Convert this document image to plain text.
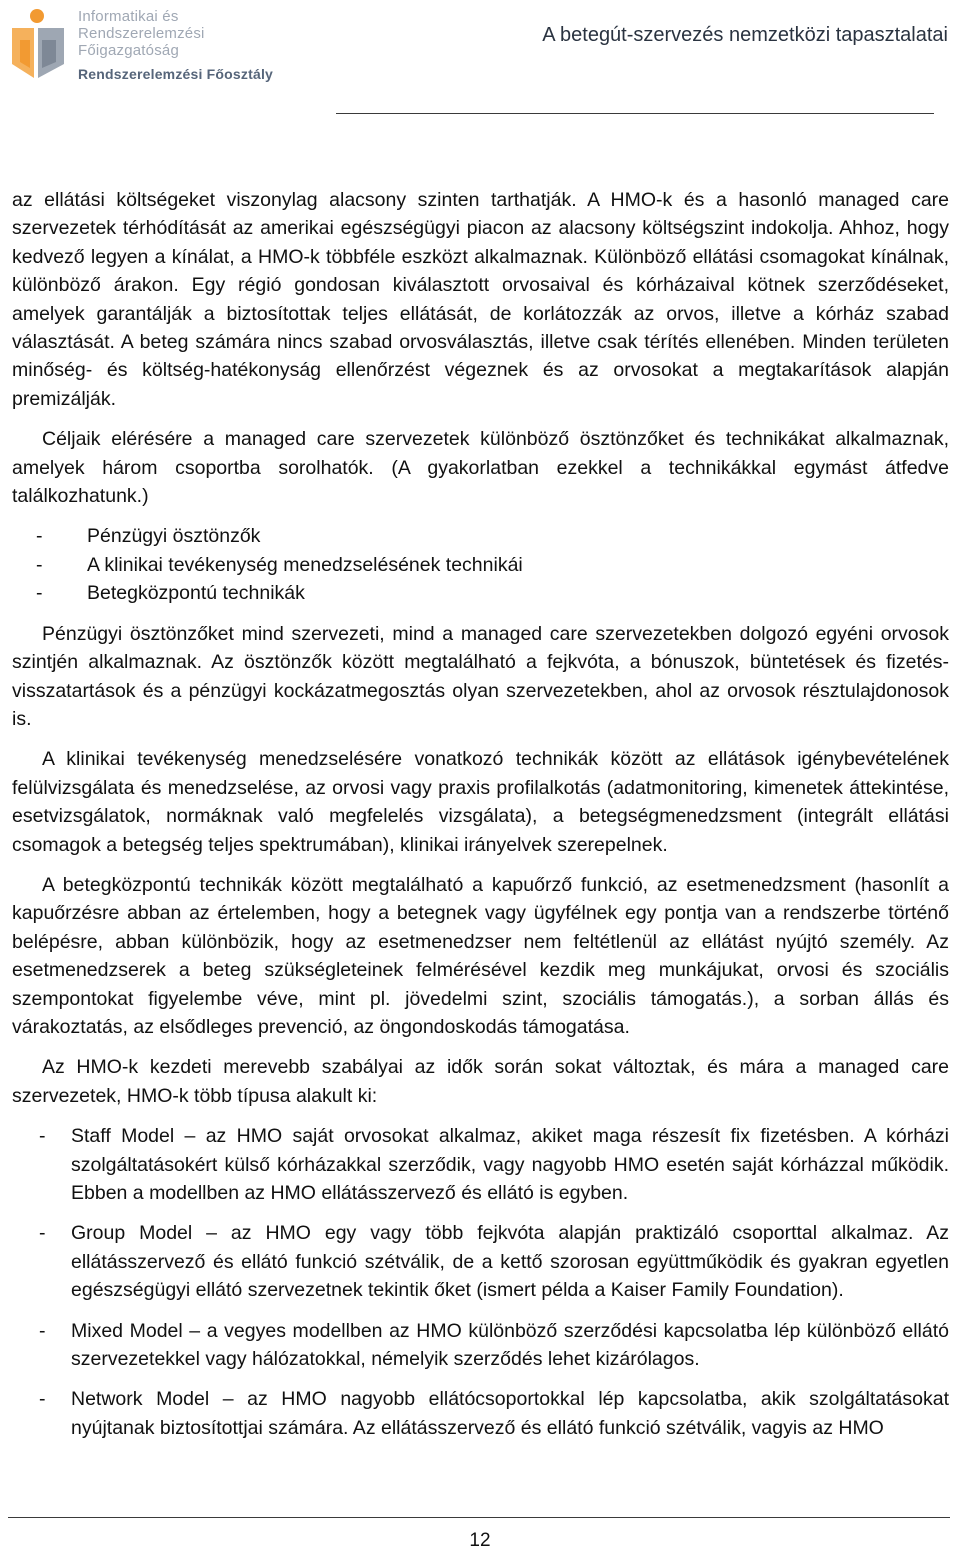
Informatikai és
Rendszerelemzési
Főigazgatóság
Rendszerelemzési Főosztály
A betegút-szervezés nemzetközi tapasztalatai

az ellátási költségeket viszonylag alacsony szinten tarthatják. A HMO-k és a hasonló managed care szervezetek térhódítását az amerikai egészségügyi piacon az alacsony költségszint indokolja. Ahhoz, hogy kedvező legyen a kínálat, a HMO-k többféle eszközt alkalmaznak. Különböző ellátási csomagokat kínálnak, különböző árakon. Egy régió gondosan kiválasztott orvosaival és kórházaival kötnek szerződéseket, amelyek garantálják a biztosítottak teljes ellátását, de korlátozzák az orvos, illetve a kórház szabad választását. A beteg számára nincs szabad orvosválasztás, illetve csak térítés ellenében. Minden területen minőség- és költség-hatékonyság ellenőrzést végeznek és az orvosokat a megtakarítások alapján premizálják.

Céljaik elérésére a managed care szervezetek különböző ösztönzőket és technikákat alkalmaznak, amelyek három csoportba sorolhatók. (A gyakorlatban ezekkel a technikákkal egymást átfedve találkozhatunk.)

- Pénzügyi ösztönzők
- A klinikai tevékenység menedzselésének technikái
- Betegközpontú technikák

Pénzügyi ösztönzőket mind szervezeti, mind a managed care szervezetekben dolgozó egyéni orvosok szintjén alkalmaznak. Az ösztönzők között megtalálható a fejkvóta, a bónuszok, büntetések és fizetés-visszatartások és a pénzügyi kockázatmegosztás olyan szervezetekben, ahol az orvosok résztulajdonosok is.

A klinikai tevékenység menedzselésére vonatkozó technikák között az ellátások igénybevételének felülvizsgálata és menedzselése, az orvosi vagy praxis profilalkotás (adatmonitoring, kimenetek áttekintése, esetvizsgálatok, normáknak való megfelelés vizsgálata), a betegségmenedzsment (integrált ellátási csomagok a betegség teljes spektrumában), klinikai irányelvek szerepelnek.

A betegközpontú technikák között megtalálható a kapuőrző funkció, az esetmenedzsment (hasonlít a kapuőrzésre abban az értelemben, hogy a betegnek vagy ügyfélnek egy pontja van a rendszerbe történő belépésre, abban különbözik, hogy az esetmenedzser nem feltétlenül az ellátást nyújtó személy. Az esetmenedzserek a beteg szükségleteinek felmérésével kezdik meg munkájukat, orvosi és szociális szempontokat figyelembe véve, mint pl. jövedelmi szint, szociális támogatás.), a sorban állás és várakoztatás, az elsődleges prevenció, az öngondoskodás támogatása.

Az HMO-k kezdeti merevebb szabályai az idők során sokat változtak, és mára a managed care szervezetek, HMO-k több típusa alakult ki:

- Staff Model – az HMO saját orvosokat alkalmaz, akiket maga részesít fix fizetésben. A kórházi szolgáltatásokért külső kórházakkal szerződik, vagy nagyobb HMO esetén saját kórházzal működik. Ebben a modellben az HMO ellátásszervező és ellátó is egyben.
- Group Model – az HMO egy vagy több fejkvóta alapján praktizáló csoporttal alkalmaz. Az ellátásszervező és ellátó funkció szétválik, de a kettő szorosan együttműködik és gyakran egyetlen egészségügyi ellátó szervezetnek tekintik őket (ismert példa a Kaiser Family Foundation).
- Mixed Model – a vegyes modellben az HMO különböző szerződési kapcsolatba lép különböző ellátó szervezetekkel vagy hálózatokkal, némelyik szerződés lehet kizárólagos.
- Network Model – az HMO nagyobb ellátócsoportokkal lép kapcsolatba, akik szolgáltatásokat nyújtanak biztosítottjai számára. Az ellátásszervező és ellátó funkció szétválik, vagyis az HMO
12
